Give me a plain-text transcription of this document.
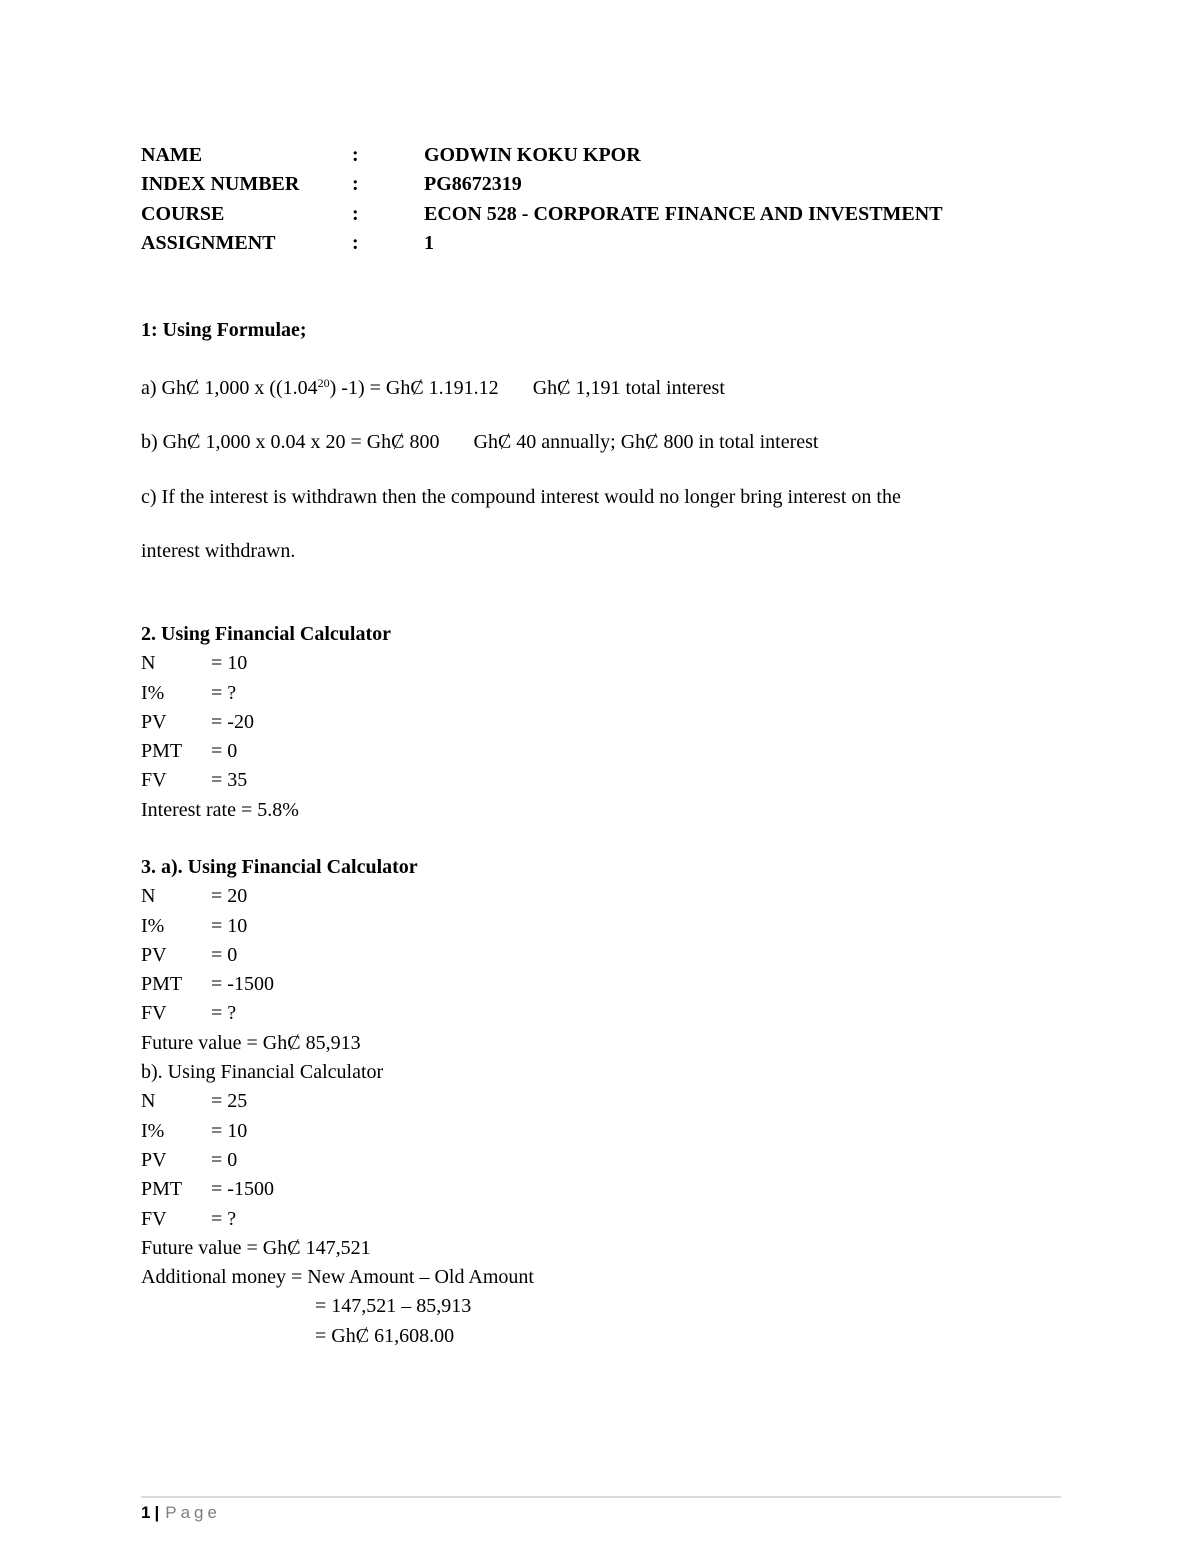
NAME	:	GODWIN KOKU KPOR
INDEX NUMBER	:	PG8672319
COURSE	:	ECON 528 - CORPORATE FINANCE AND INVESTMENT
ASSIGNMENT	:	1
1: Using Formulae;
a) GhȻ 1,000 x ((1.04$^{20}$) -1) = GhȻ 1.191.12 GhȻ 1,191 total interest
b) GhȻ 1,000 x 0.04 x 20 = GhȻ 800 GhȻ 40 annually; GhȻ 800 in total interest
c) If the interest is withdrawn then the compound interest would no longer bring interest on the
interest withdrawn.
2. Using Financial Calculator
N	= 10
I% = ?
PV = -20
PMT = 0
FV = 35
Interest rate = 5.8%
3. a). Using Financial Calculator
N	= 20
I% = 10
PV = 0
PMT = -1500
FV = ?
Future value = GhȻ 85,913
b). Using Financial Calculator
N	= 25
I% = 10
PV = 0
PMT = -1500
FV = ?
Future value = GhȻ 147,521
Additional money = New Amount – Old Amount
= 147,521 – 85,913
= GhȻ 61,608.00
1 | Page
